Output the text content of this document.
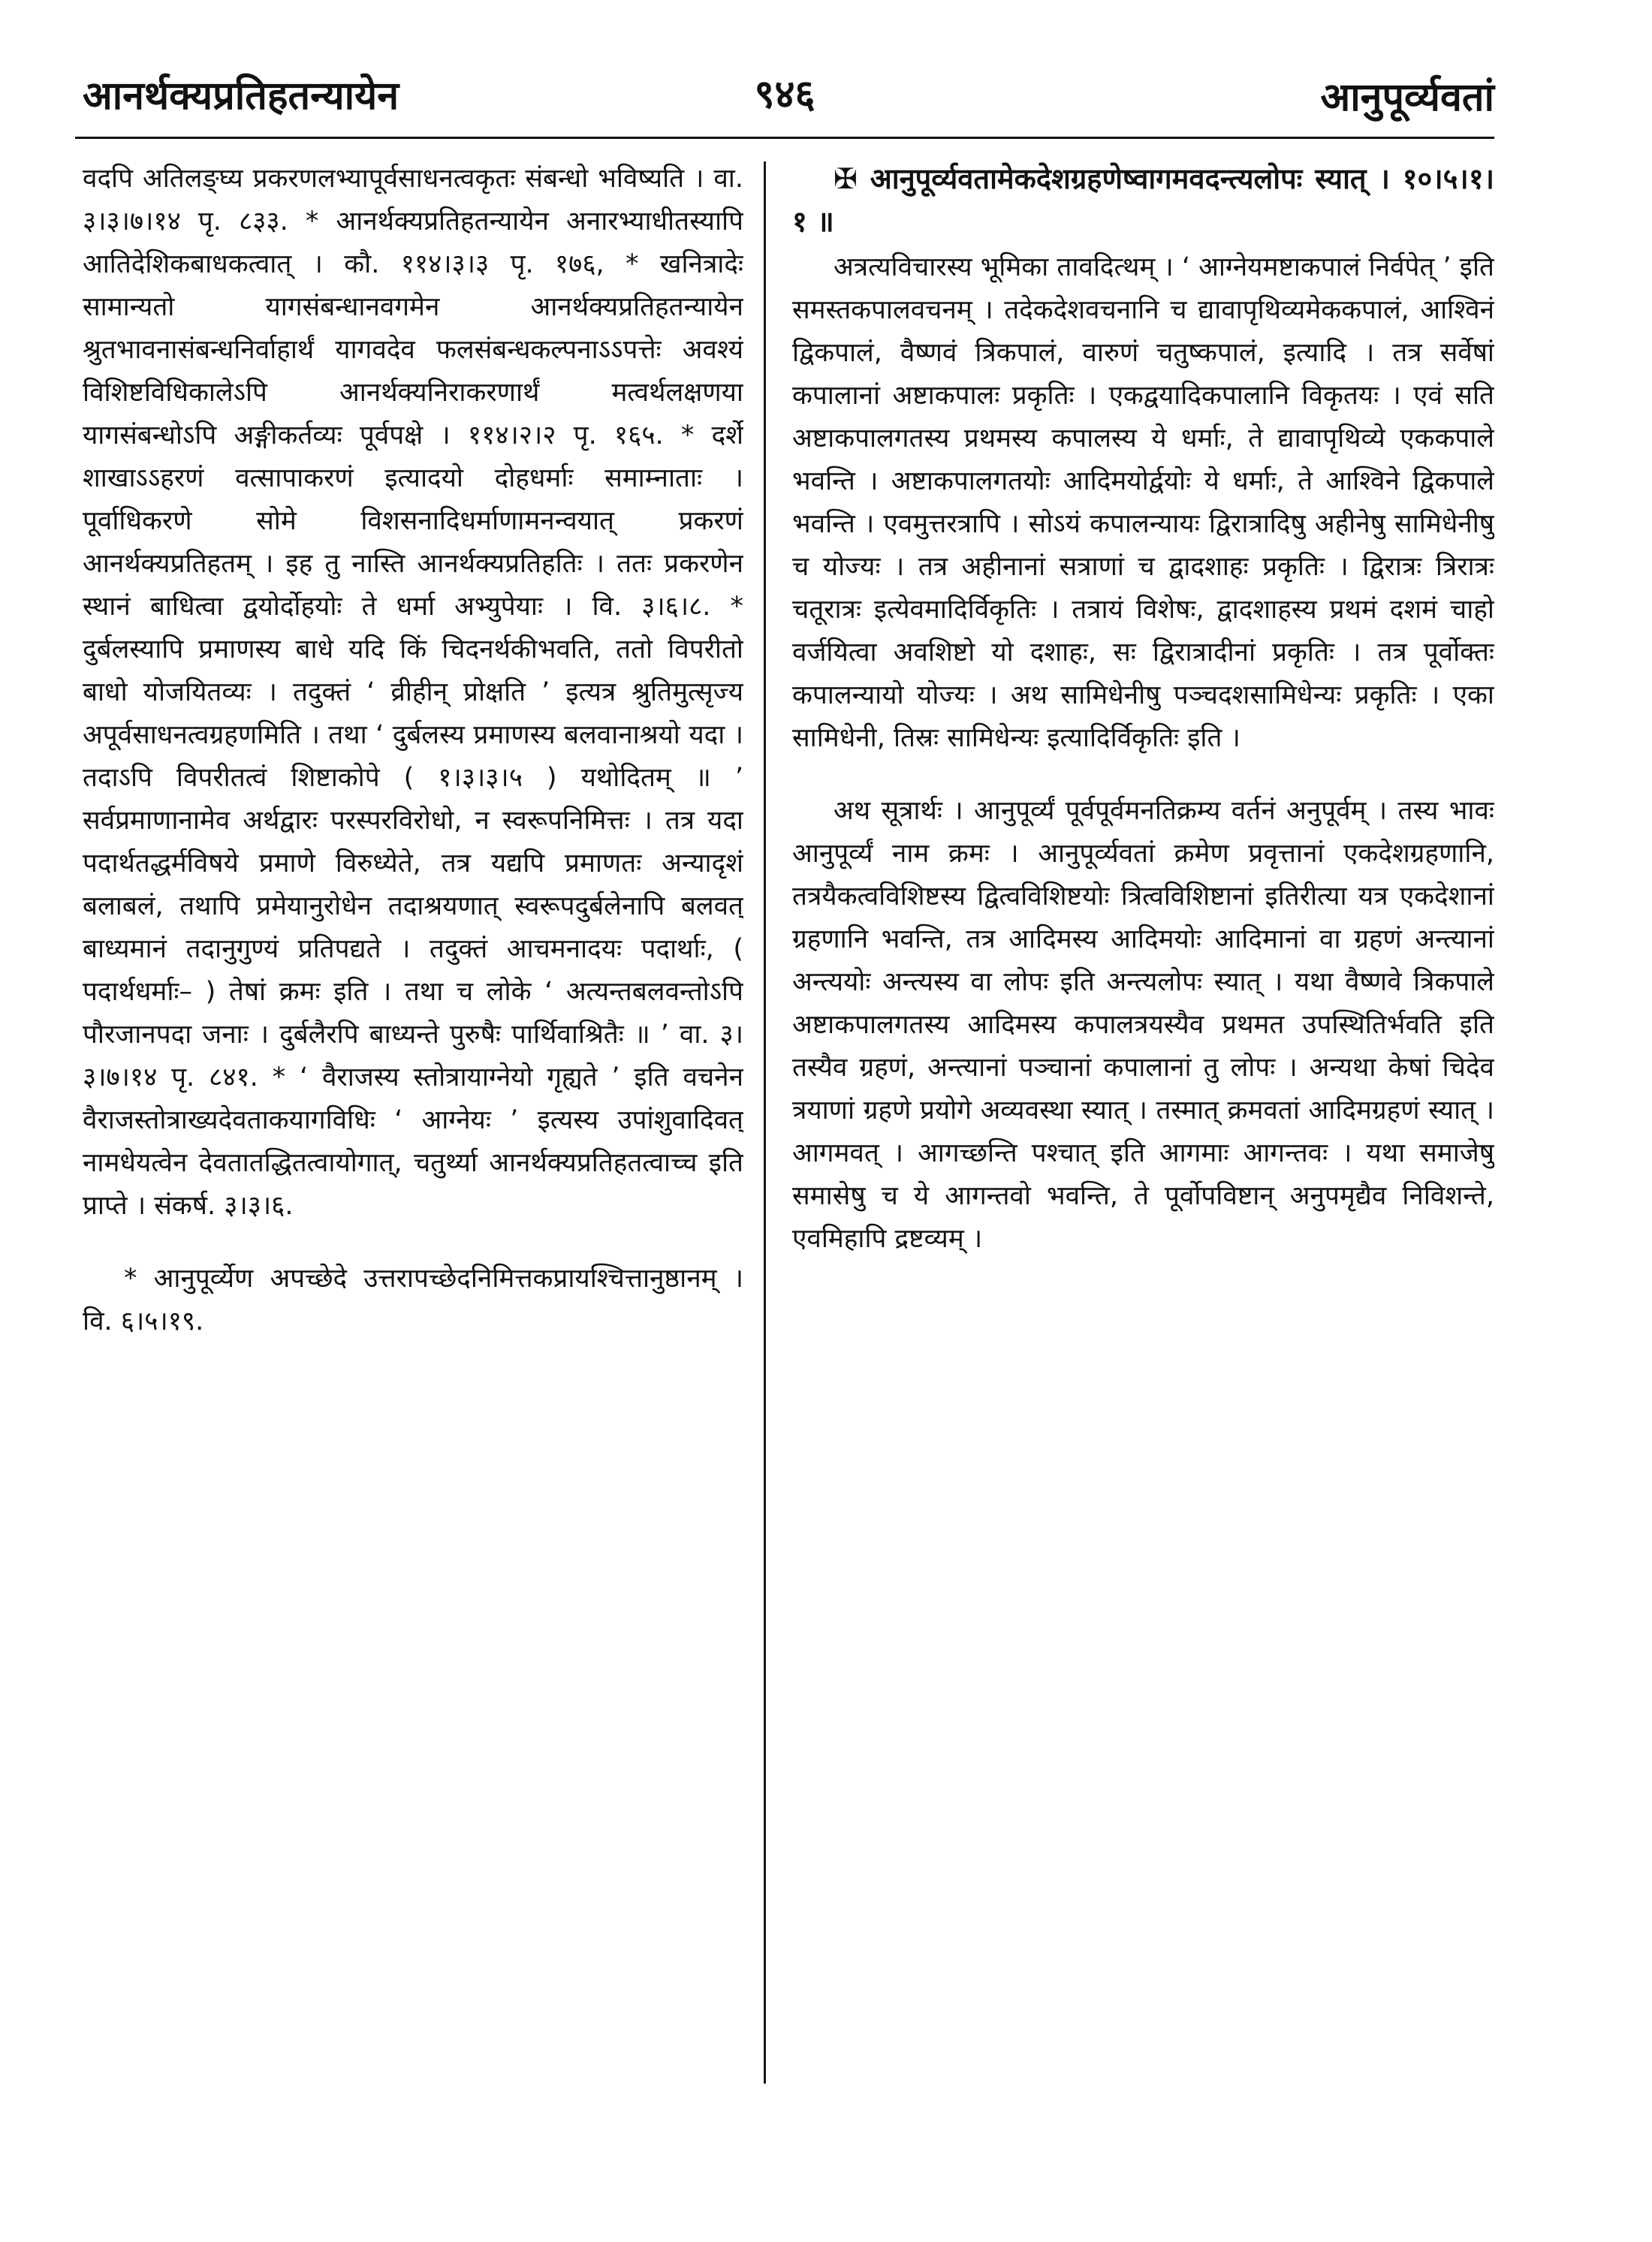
आनर्थक्यप्रतिहतन्यायेन	९४६	आनुपूर्व्यवतां

वदपि अतिलङ्घ्य प्रकरणलभ्यापूर्वसाधनत्वकृतः संबन्धो भविष्यति । वा. ३।३।७।१४ पृ. ८३३. * आनर्थक्यप्रतिहतन्यायेन अनारभ्याधीतस्यापि आतिदेशिकबाधकत्वात् । कौ. ११४।३।३ पृ. १७६, * खनित्रादेः सामान्यतो यागसंबन्धानवगमेन आनर्थक्यप्रतिहतन्यायेन श्रुतभावनासंबन्धनिर्वाहार्थं यागवदेव फलसंबन्धकल्पनाऽऽपत्तेः अवश्यं विशिष्टविधिकालेऽपि आनर्थक्यनिराकरणार्थं मत्वर्थलक्षणया यागसंबन्धोऽपि अङ्गीकर्तव्यः पूर्वपक्षे । ११४।२।२ पृ. १६५. * दर्शे शाखाऽऽहरणं वत्सापाकरणं इत्यादयो दोहधर्माः समाम्नाताः । पूर्वाधिकरणे सोमे विशसनादिधर्माणामनन्वयात् प्रकरणं आनर्थक्यप्रतिहतम् । इह तु नास्ति आनर्थक्यप्रतिहतिः । ततः प्रकरणेन स्थानं बाधित्वा द्वयोर्दोहयोः ते धर्मा अभ्युपेयाः । वि. ३।६।८. * दुर्बलस्यापि प्रमाणस्य बाधे यदि किं चिदनर्थकीभवति, ततो विपरीतो बाधो योजयितव्यः । तदुक्तं ‘ व्रीहीन् प्रोक्षति ’ इत्यत्र श्रुतिमुत्सृज्य अपूर्वसाधनत्वग्रहणमिति । तथा ‘ दुर्बलस्य प्रमाणस्य बलवानाश्रयो यदा । तदाऽपि विपरीतत्वं शिष्टाकोपे ( १।३।३।५ ) यथोदितम् ॥ ’ सर्वप्रमाणानामेव अर्थद्वारः परस्परविरोधो, न स्वरूपनिमित्तः । तत्र यदा पदार्थतद्धर्मविषये प्रमाणे विरुध्येते, तत्र यद्यपि प्रमाणतः अन्यादृशं बलाबलं, तथापि प्रमेयानुरोधेन तदाश्रयणात् स्वरूपदुर्बलेनापि बलवत् बाध्यमानं तदानुगुण्यं प्रतिपद्यते । तदुक्तं आचमनादयः पदार्थाः, ( पदार्थधर्माः– ) तेषां क्रमः इति । तथा च लोके ‘ अत्यन्तबलवन्तोऽपि पौरजानपदा जनाः । दुर्बलैरपि बाध्यन्ते पुरुषैः पार्थिवाश्रितैः ॥ ’ वा. ३।३।७।१४ पृ. ८४१. * ‘ वैराजस्य स्तोत्रायाग्नेयो गृह्यते ’ इति वचनेन वैराजस्तोत्राख्यदेवताकयागविधिः ‘ आग्नेयः ’ इत्यस्य उपांशुवादिवत् नामधेयत्वेन देवतातद्धितत्वायोगात्, चतुर्थ्या आनर्थक्यप्रतिहतत्वाच्च इति प्राप्ते । संकर्ष. ३।३।६.

* आनुपूर्व्येण अपच्छेदे उत्तरापच्छेदनिमित्तकप्रायश्चित्तानुष्ठानम् । वि. ६।५।१९.

✠ आनुपूर्व्यवतामेकदेशग्रहणेष्वागमवदन्त्यलोपः स्यात् । १०।५।१।१ ॥

अत्रत्यविचारस्य भूमिका तावदित्थम् । ‘ आग्नेयमष्टाकपालं निर्वपेत् ’ इति समस्तकपालवचनम् । तदेकदेशवचनानि च द्यावापृथिव्यमेककपालं, आश्विनं द्विकपालं, वैष्णवं त्रिकपालं, वारुणं चतुष्कपालं, इत्यादि । तत्र सर्वेषां कपालानां अष्टाकपालः प्रकृतिः । एकद्वयादिकपालानि विकृतयः । एवं सति अष्टाकपालगतस्य प्रथमस्य कपालस्य ये धर्माः, ते द्यावापृथिव्ये एककपाले भवन्ति । अष्टाकपालगतयोः आदिमयोर्द्वयोः ये धर्माः, ते आश्विने द्विकपाले भवन्ति । एवमुत्तरत्रापि । सोऽयं कपालन्यायः द्विरात्रादिषु अहीनेषु सामिधेनीषु च योज्यः । तत्र अहीनानां सत्राणां च द्वादशाहः प्रकृतिः । द्विरात्रः त्रिरात्रः चतूरात्रः इत्येवमादिर्विकृतिः । तत्रायं विशेषः, द्वादशाहस्य प्रथमं दशमं चाहो वर्जयित्वा अवशिष्टो यो दशाहः, सः द्विरात्रादीनां प्रकृतिः । तत्र पूर्वोक्तः कपालन्यायो योज्यः । अथ सामिधेनीषु पञ्चदशसामिधेन्यः प्रकृतिः । एका सामिधेनी, तिस्रः सामिधेन्यः इत्यादिर्विकृतिः इति ।

अथ सूत्रार्थः । आनुपूर्व्यं पूर्वपूर्वमनतिक्रम्य वर्तनं अनुपूर्वम् । तस्य भावः आनुपूर्व्यं नाम क्रमः । आनुपूर्व्यवतां क्रमेण प्रवृत्तानां एकदेशग्रहणानि, तत्रयैकत्वविशिष्टस्य द्वित्वविशिष्टयोः त्रित्वविशिष्टानां इतिरीत्या यत्र एकदेशानां ग्रहणानि भवन्ति, तत्र आदिमस्य आदिमयोः आदिमानां वा ग्रहणं अन्त्यानां अन्त्ययोः अन्त्यस्य वा लोपः इति अन्त्यलोपः स्यात् । यथा वैष्णवे त्रिकपाले अष्टाकपालगतस्य आदिमस्य कपालत्रयस्यैव प्रथमत उपस्थितिर्भवति इति तस्यैव ग्रहणं, अन्त्यानां पञ्चानां कपालानां तु लोपः । अन्यथा केषां चिदेव त्रयाणां ग्रहणे प्रयोगे अव्यवस्था स्यात् । तस्मात् क्रमवतां आदिमग्रहणं स्यात् । आगमवत् । आगच्छन्ति पश्चात् इति आगमाः आगन्तवः । यथा समाजेषु समासेषु च ये आगन्तवो भवन्ति, ते पूर्वोपविष्टान् अनुपमृद्यैव निविशन्ते, एवमिहापि द्रष्टव्यम् ।
